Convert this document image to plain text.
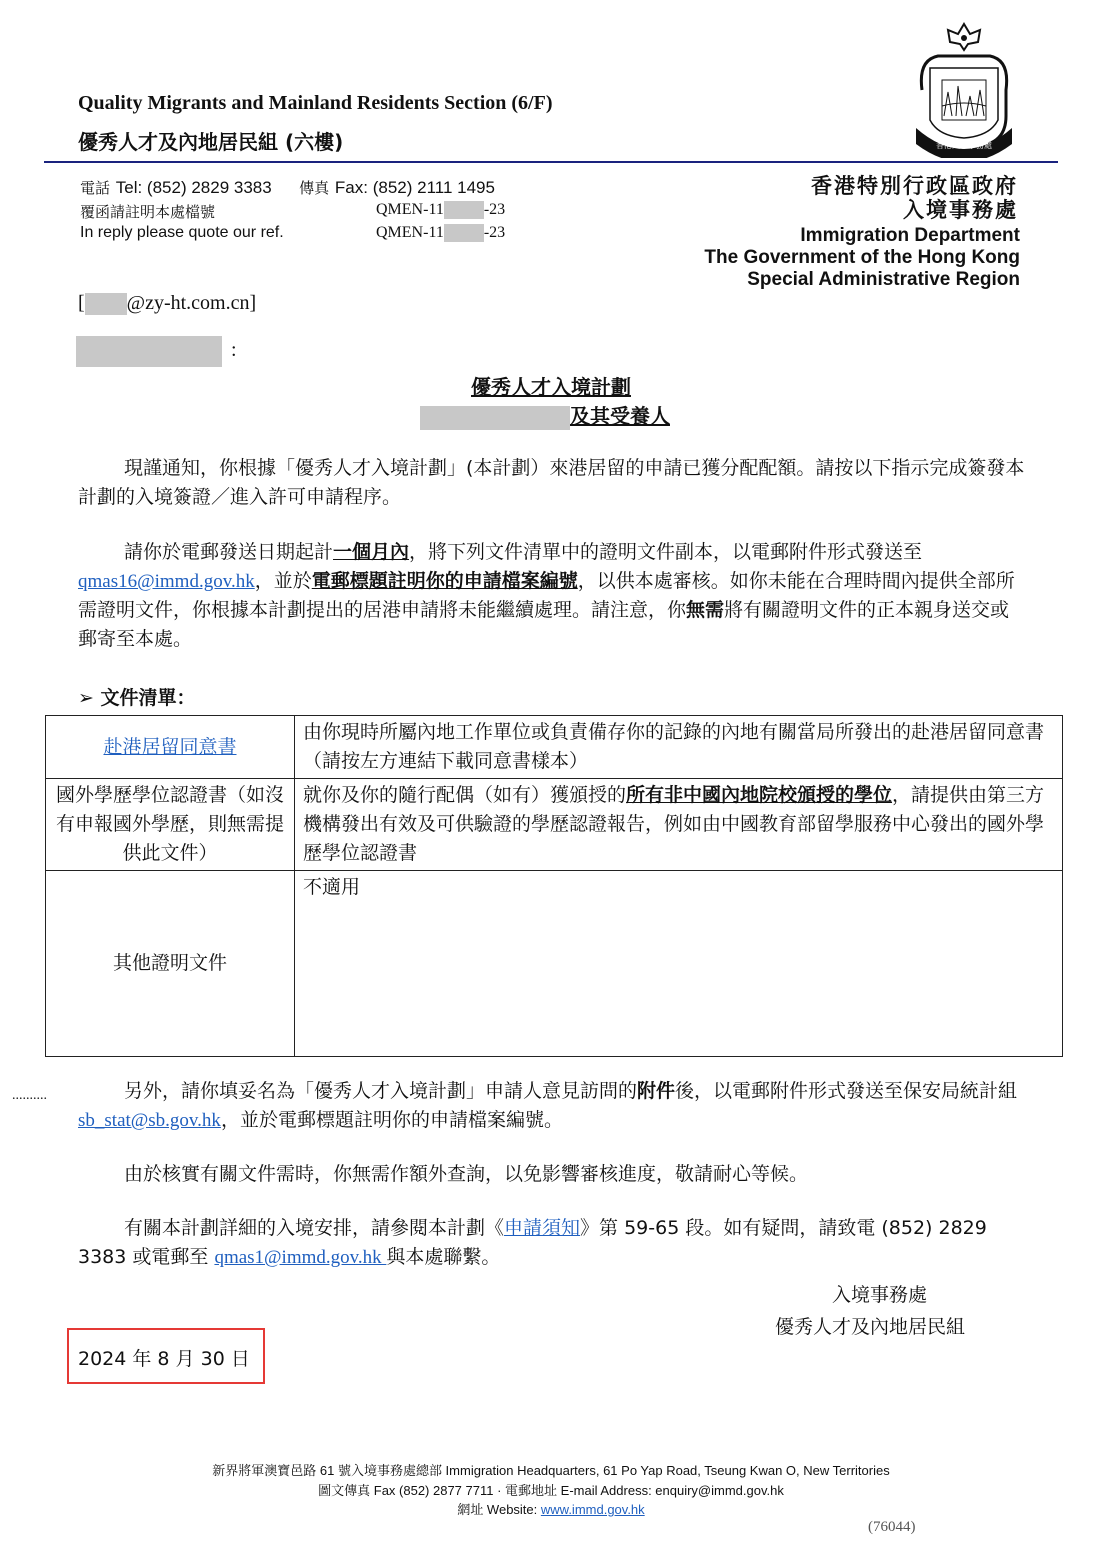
Quality Migrants and Mainland Residents Section (6/F)
優秀人才及內地居民組 (六樓)	香港入境事務處
電話 Tel: (852) 2829 3383 傳真 Fax: (852) 2111 1495
覆函請註明本處檔號
In reply please quote our ref.
QMEN-11	-23
QMEN-11	-23
香港特別行政區政府
入境事務處
Immigration Department
The Government of the Hong Kong
Special Administrative Region
[ @zy-ht.com.cn]
:
優秀人才入境計劃
及其受養人

現謹通知，你根據「優秀人才入境計劃」(本計劃）來港居留的申請已獲分配配額。請按以下指示完成簽發本計劃的入境簽證／進入許可申請程序。

請你於電郵發送日期起計一個月內，將下列文件清單中的證明文件副本，以電郵附件形式發送至 qmas16@immd.gov.hk，並於電郵標題註明你的申請檔案編號，以供本處審核。如你未能在合理時間內提供全部所需證明文件，你根據本計劃提出的居港申請將未能繼續處理。請注意，你無需將有關證明文件的正本親身送交或郵寄至本處。

➢ 文件清單：
赴港居留同意書	由你現時所屬內地工作單位或負責備存你的記錄的內地有關當局所發出的赴港居留同意書（請按左方連結下載同意書樣本）
國外學歷學位認證書（如沒有申報國外學歷，則無需提供此文件）	就你及你的隨行配偶（如有）獲頒授的所有非中國內地院校頒授的學位，請提供由第三方機構發出有效及可供驗證的學歷認證報告，例如由中國教育部留學服務中心發出的國外學歷學位認證書
其他證明文件	不適用
..........	另外，請你填妥名為「優秀人才入境計劃」申請人意見訪問的附件後，以電郵附件形式發送至保安局統計組 sb_stat@sb.gov.hk，並於電郵標題註明你的申請檔案編號。

由於核實有關文件需時，你無需作額外查詢，以免影響審核進度，敬請耐心等候。

有關本計劃詳細的入境安排，請參閱本計劃《申請須知》第 59-65 段。如有疑問，請致電 (852) 2829 3383 或電郵至 qmas1@immd.gov.hk 與本處聯繫。

入境事務處
優秀人才及內地居民組
2024 年 8 月 30 日
新界將軍澳寶邑路 61 號入境事務處總部 Immigration Headquarters, 61 Po Yap Road, Tseung Kwan O, New Territories
圖文傳真 Fax (852) 2877 7711 · 電郵地址 E-mail Address: enquiry@immd.gov.hk
網址 Website: www.immd.gov.hk
(76044)
